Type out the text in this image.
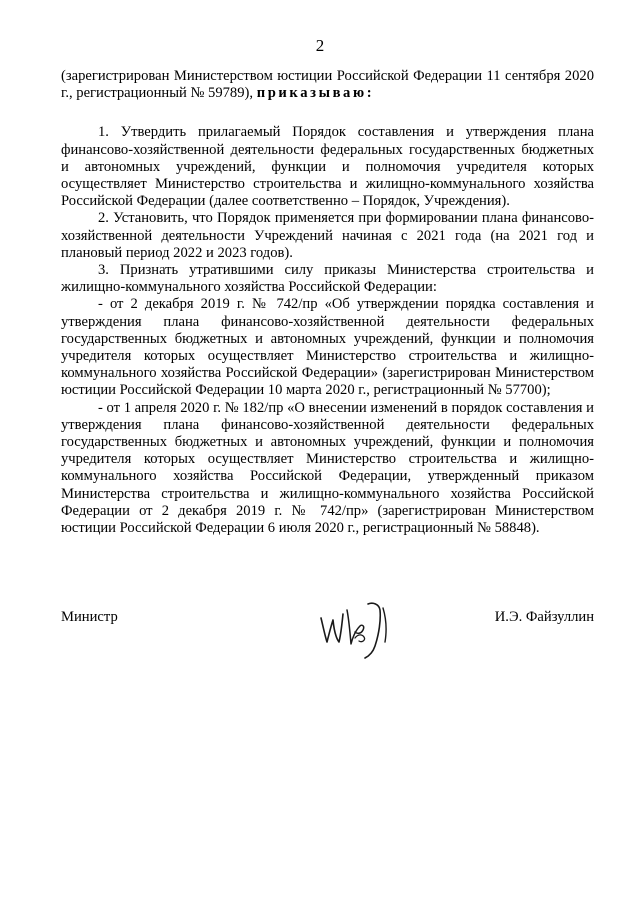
2

(зарегистрирован Министерством юстиции Российской Федерации 11 сентября 2020 г., регистрационный № 59789), приказываю:

1. Утвердить прилагаемый Порядок составления и утверждения плана финансово-хозяйственной деятельности федеральных государственных бюджетных и автономных учреждений, функции и полномочия учредителя которых осуществляет Министерство строительства и жилищно-коммунального хозяйства Российской Федерации (далее соответственно – Порядок, Учреждения).

2. Установить, что Порядок применяется при формировании плана финансово-хозяйственной деятельности Учреждений начиная с 2021 года (на 2021 год и плановый период 2022 и 2023 годов).

3. Признать утратившими силу приказы Министерства строительства и жилищно-коммунального хозяйства Российской Федерации:

- от 2 декабря 2019 г. № 742/пр «Об утверждении порядка составления и утверждения плана финансово-хозяйственной деятельности федеральных государственных бюджетных и автономных учреждений, функции и полномочия учредителя которых осуществляет Министерство строительства и жилищно-коммунального хозяйства Российской Федерации» (зарегистрирован Министерством юстиции Российской Федерации 10 марта 2020 г., регистрационный № 57700);

- от 1 апреля 2020 г. № 182/пр «О внесении изменений в порядок составления и утверждения плана финансово-хозяйственной деятельности федеральных государственных бюджетных и автономных учреждений, функции и полномочия учредителя которых осуществляет Министерство строительства и жилищно-коммунального хозяйства Российской Федерации, утвержденный приказом Министерства строительства и жилищно-коммунального хозяйства Российской Федерации от 2 декабря 2019 г. № 742/пр» (зарегистрирован Министерством юстиции Российской Федерации 6 июля 2020 г., регистрационный № 58848).

Министр	И.Э. Файзуллин
